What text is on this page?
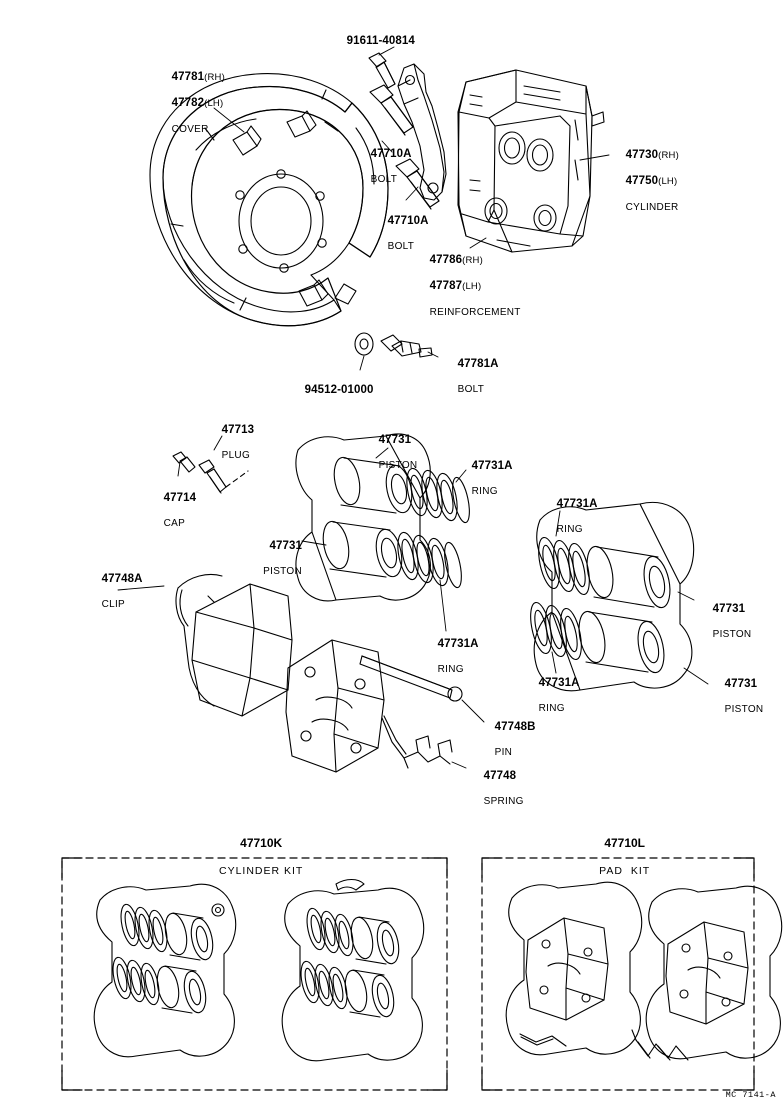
47781(RH)

47782(LH)

COVER

91611-40814

47710A

BOLT

47710A

BOLT

47730(RH)

47750(LH)

CYLINDER

47786(RH)

47787(LH)

REINFORCEMENT

94512-01000

47781A

BOLT

47713

PLUG

47714

CAP

47731

PISTON
	47731A

RING

47731

PISTON

47731A

RING

47731A

RING

47731A

RING

47731

PISTON

47731

PISTON

47748A

CLIP

47748B

PIN

47748

SPRING

47710K

CYLINDER KIT

47710L

PAD  KIT

MC 7141-A
